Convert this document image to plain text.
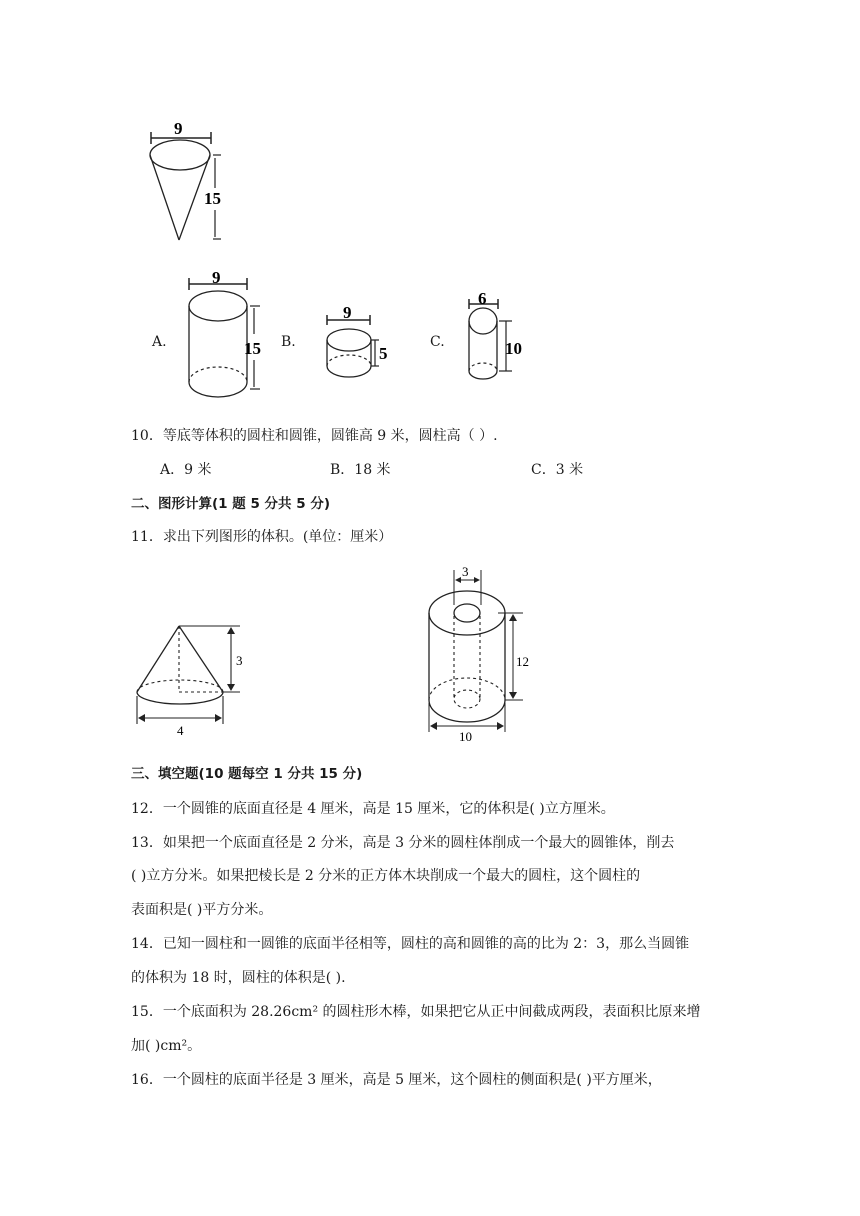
9
15
A.
9
15 B.
9
5
C.
6
10
10．等底等体积的圆柱和圆锥，圆锥高 9 米，圆柱高（ ）.
A．9 米	B．18 米	C．3 米
二、图形计算(1 题 5 分共 5 分)
11．求出下列图形的体积。(单位：厘米）
3
4
3
12
10
三、填空题(10 题每空 1 分共 15 分)
12．一个圆锥的底面直径是 4 厘米，高是 15 厘米，它的体积是( )立方厘米。
13．如果把一个底面直径是 2 分米，高是 3 分米的圆柱体削成一个最大的圆锥体，削去
( )立方分米。如果把棱长是 2 分米的正方体木块削成一个最大的圆柱，这个圆柱的
表面积是( )平方分米。
14．已知一圆柱和一圆锥的底面半径相等，圆柱的高和圆锥的高的比为 2：3，那么当圆锥
的体积为 18 时，圆柱的体积是( ).
15．一个底面积为 28.26cm² 的圆柱形木棒，如果把它从正中间截成两段，表面积比原来增
加( )cm²。
16．一个圆柱的底面半径是 3 厘米，高是 5 厘米，这个圆柱的侧面积是( )平方厘米，
